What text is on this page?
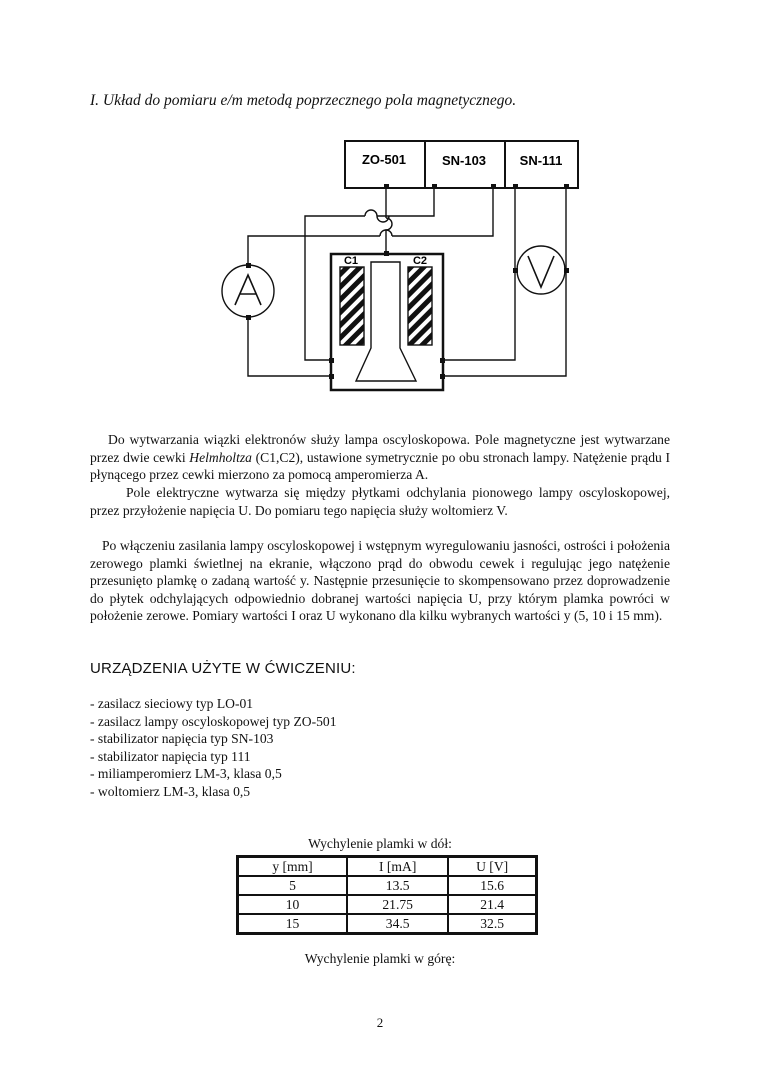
I. Układ do pomiaru e/m metodą poprzecznego pola magnetycznego.
ZO-501	SN-103	SN-111
C1	C2
Do wytwarzania wiązki elektronów służy lampa oscyloskopowa. Pole magnetyczne jest wytwarzane przez dwie cewki Helmholtza (C1,C2), ustawione symetrycznie po obu stronach lampy. Natężenie prądu I płynącego przez cewki mierzono za pomocą amperomierza A.
Pole elektryczne wytwarza się między płytkami odchylania pionowego lampy oscyloskopowej, przez przyłożenie napięcia U. Do pomiaru tego napięcia służy woltomierz V.
Po włączeniu zasilania lampy oscyloskopowej i wstępnym wyregulowaniu jasności, ostrości i położenia zerowego plamki świetlnej na ekranie, włączono prąd do obwodu cewek i regulując jego natężenie przesunięto plamkę o zadaną wartość y. Następnie przesunięcie to skompensowano przez doprowadzenie do płytek odchylających odpowiednio dobranej wartości napięcia U, przy którym plamka powróci w położenie zerowe. Pomiary wartości I oraz U wykonano dla kilku wybranych wartości y (5, 10 i 15 mm).
URZĄDZENIA UŻYTE W ĆWICZENIU:
- zasilacz sieciowy typ LO-01
- zasilacz lampy oscyloskopowej typ ZO-501
- stabilizator napięcia typ SN-103
- stabilizator napięcia typ 111
- miliamperomierz LM-3, klasa 0,5
- woltomierz LM-3, klasa 0,5
Wychylenie plamki w dół:
y [mm]	I [mA]	U [V]
5	13.5	15.6
10	21.75	21.4
15	34.5	32.5
Wychylenie plamki w górę:
2
